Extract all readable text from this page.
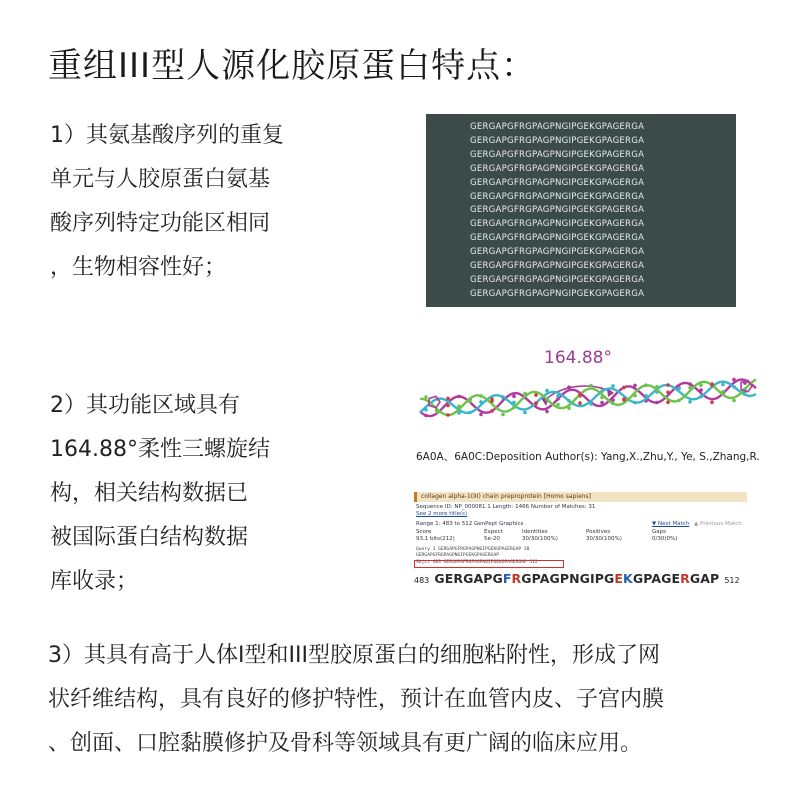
重组III型人源化胶原蛋白特点：
1）其氨基酸序列的重复
单元与人胶原蛋白氨基
酸序列特定功能区相同
，生物相容性好；
GERGAPGFRGPAGPNGIPGEKGPAGERGA
GERGAPGFRGPAGPNGIPGEKGPAGERGA
GERGAPGFRGPAGPNGIPGEKGPAGERGA
GERGAPGFRGPAGPNGIPGEKGPAGERGA
GERGAPGFRGPAGPNGIPGEKGPAGERGA
GERGAPGFRGPAGPNGIPGEKGPAGERGA
GERGAPGFRGPAGPNGIPGEKGPAGERGA
GERGAPGFRGPAGPNGIPGEKGPAGERGA
GERGAPGFRGPAGPNGIPGEKGPAGERGA
GERGAPGFRGPAGPNGIPGEKGPAGERGA
GERGAPGFRGPAGPNGIPGEKGPAGERGA
GERGAPGFRGPAGPNGIPGEKGPAGERGA
GERGAPGFRGPAGPNGIPGEKGPAGERGA
2）其功能区域具有
164.88°柔性三螺旋结
构，相关结构数据已
被国际蛋白结构数据
库收录；
164.88°
6A0A、6A0C:Deposition Author(s): Yang,X.,Zhu,Y., Ye, S.,Zhang,R.
collagen alpha-1(III) chain preproprotein [Homo sapiens]
Sequence ID: NP_000081.1 Length: 1466 Number of Matches: 31
See 2 more title(s)
Range 1: 483 to 512 GenPept Graphics	▼ Next Match ▲ Previous Match
Score	Expect	Identities	Positives	Gaps
93.1 bits(212)	5e-20	30/30(100%)	30/30(100%)	0/30(0%)
Query 1 GERGAPGFRGPAGPNGIPGEKGPAGERGAP 30
GERGAPGFRGPAGPNGIPGEKGPAGERGAP
Sbjct 483 GERGAPGFRGPAGPNGIPGEKGPAGERGAP 512
483 GERGAPGFRGPAGPNGIPGEKGPAGERGAP 512
3）其具有高于人体I型和III型胶原蛋白的细胞粘附性，形成了网
状纤维结构，具有良好的修护特性，预计在血管内皮、子宫内膜
、创面、口腔黏膜修护及骨科等领域具有更广阔的临床应用。
